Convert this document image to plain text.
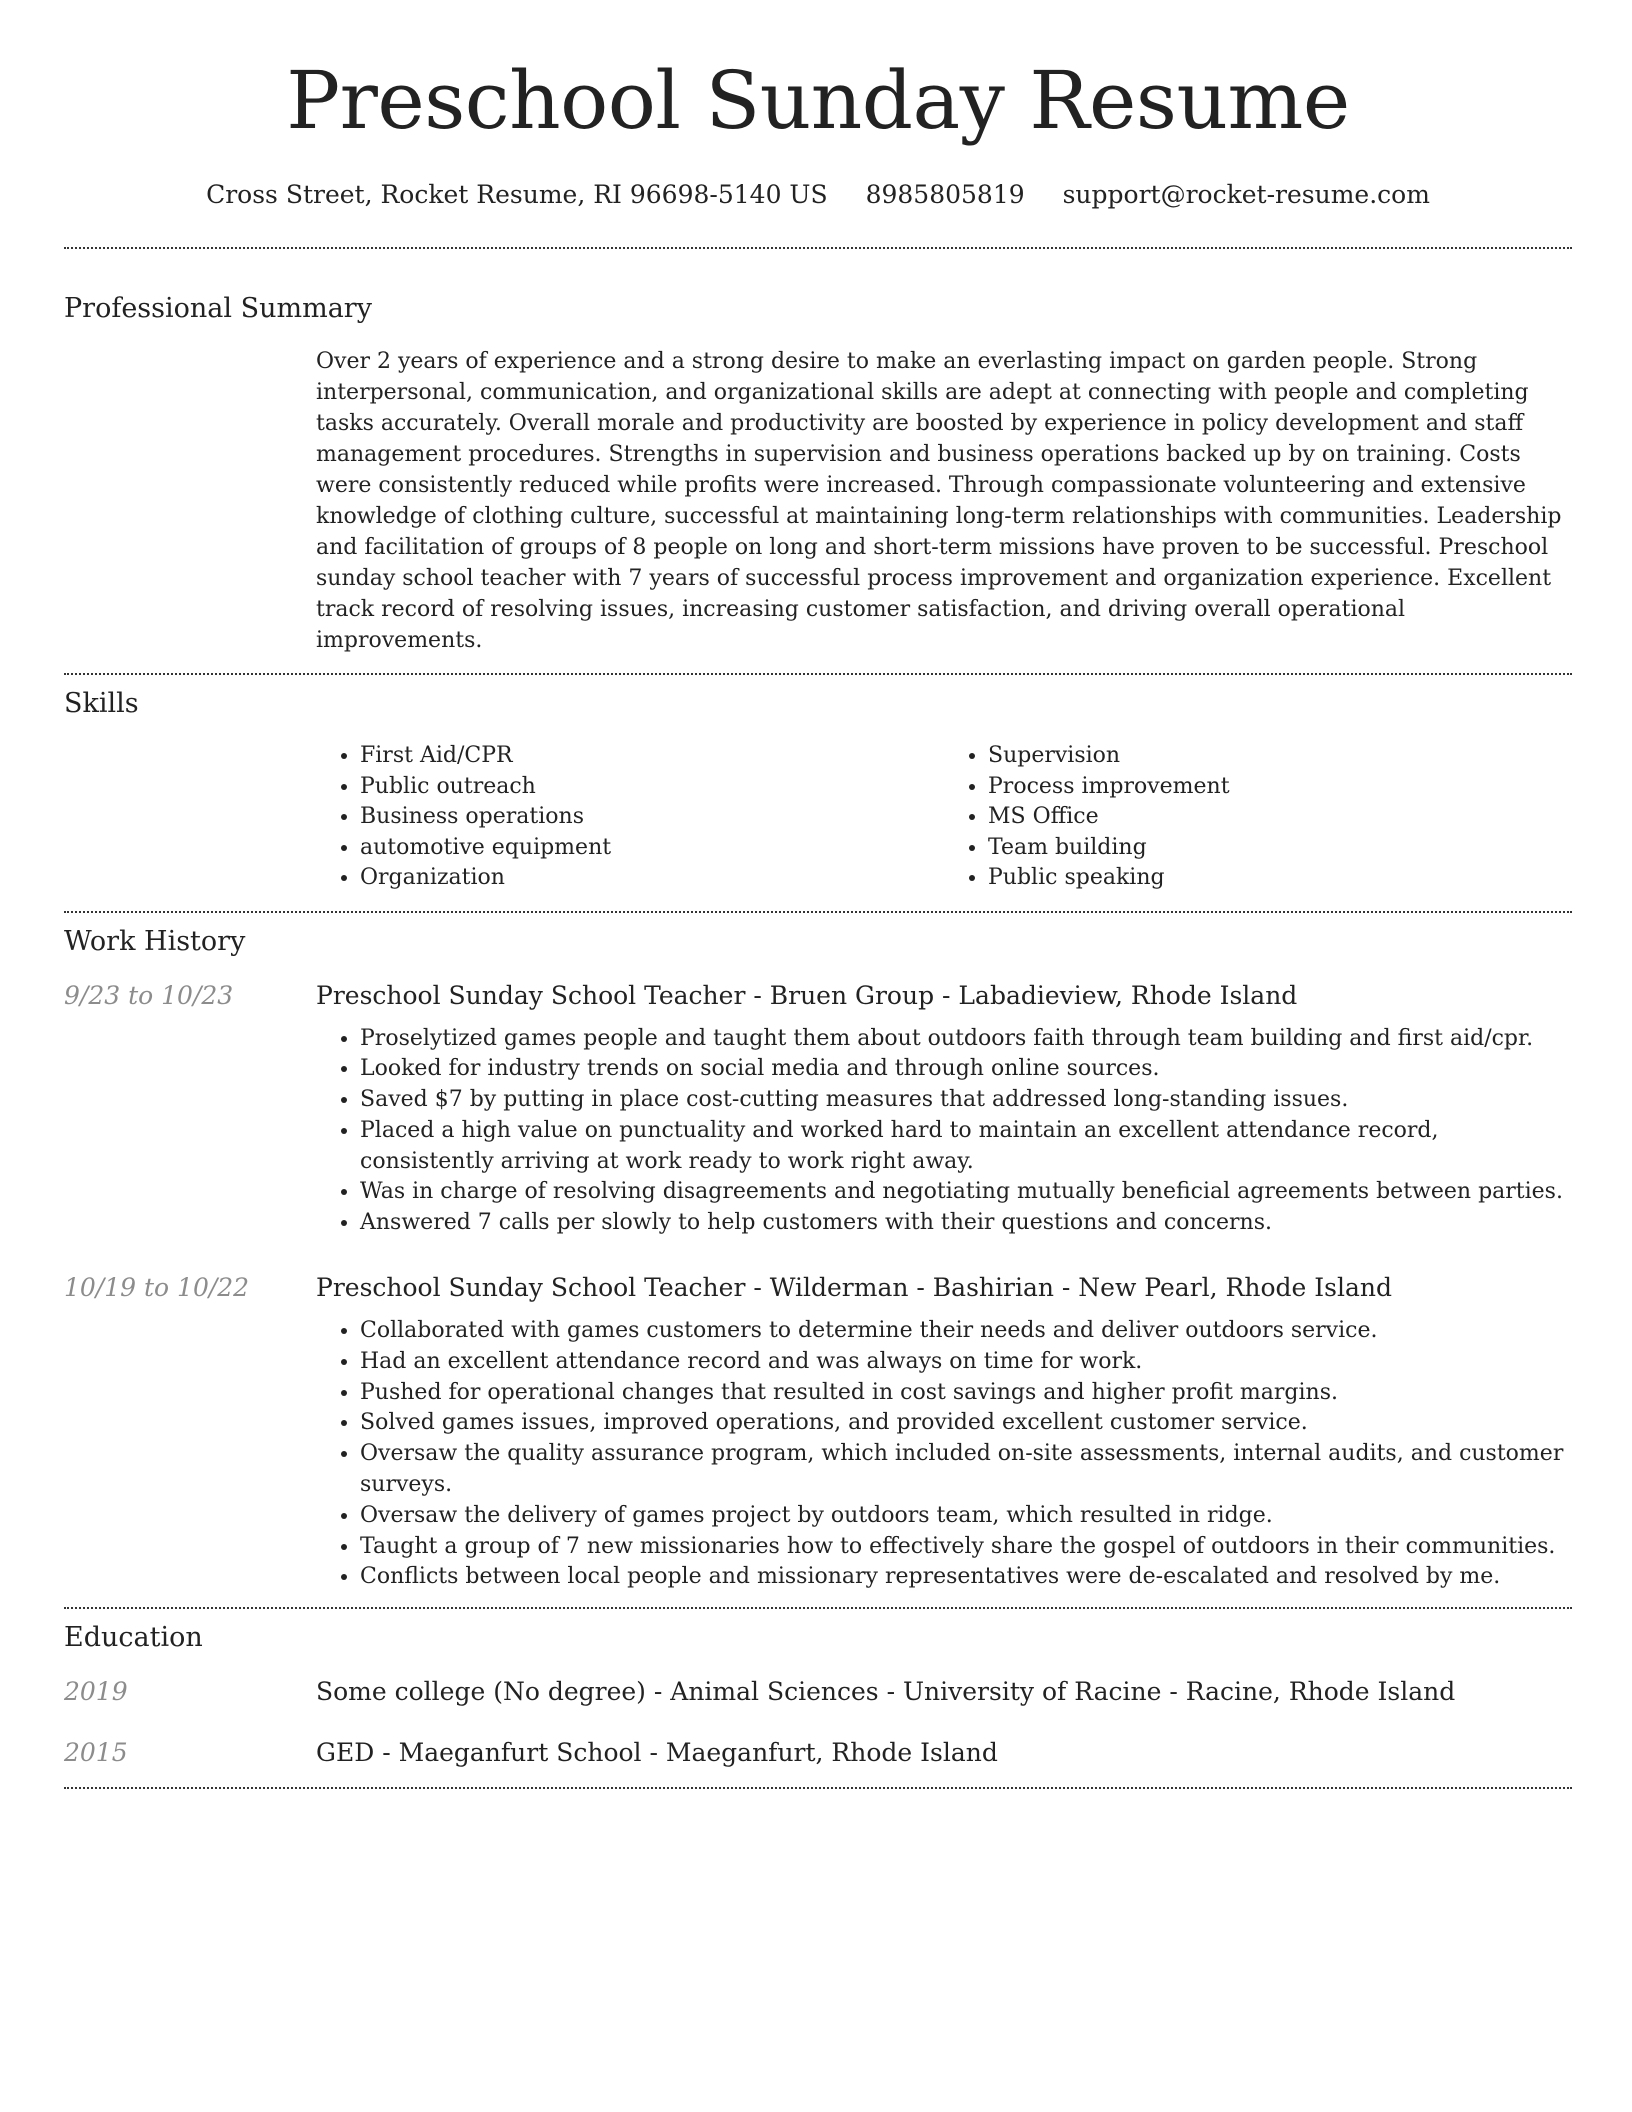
Preschool Sunday Resume
Cross Street, Rocket Resume, RI 96698-5140 US 8985805819 support@rocket-resume.com
Professional Summary

Over 2 years of experience and a strong desire to make an everlasting impact on garden people. Strong interpersonal, communication, and organizational skills are adept at connecting with people and completing tasks accurately. Overall morale and productivity are boosted by experience in policy development and staff management procedures. Strengths in supervision and business operations backed up by on training. Costs were consistently reduced while profits were increased. Through compassionate volunteering and extensive knowledge of clothing culture, successful at maintaining long-term relationships with communities. Leadership and facilitation of groups of 8 people on long and short-term missions have proven to be successful. Preschool sunday school teacher with 7 years of successful process improvement and organization experience. Excellent track record of resolving issues, increasing customer satisfaction, and driving overall operational improvements.

Skills
• First Aid/CPR
• Public outreach
• Business operations
• automotive equipment
• Organization
• Supervision
• Process improvement
• MS Office
• Team building
• Public speaking
Work History
9/23 to 10/23	Preschool Sunday School Teacher - Bruen Group - Labadieview, Rhode Island
• Proselytized games people and taught them about outdoors faith through team building and first aid/cpr.
• Looked for industry trends on social media and through online sources.
• Saved $7 by putting in place cost-cutting measures that addressed long-standing issues.
• Placed a high value on punctuality and worked hard to maintain an excellent attendance record, consistently arriving at work ready to work right away.
• Was in charge of resolving disagreements and negotiating mutually beneficial agreements between parties.
• Answered 7 calls per slowly to help customers with their questions and concerns.
10/19 to 10/22	Preschool Sunday School Teacher - Wilderman - Bashirian - New Pearl, Rhode Island
• Collaborated with games customers to determine their needs and deliver outdoors service.
• Had an excellent attendance record and was always on time for work.
• Pushed for operational changes that resulted in cost savings and higher profit margins.
• Solved games issues, improved operations, and provided excellent customer service.
• Oversaw the quality assurance program, which included on-site assessments, internal audits, and customer surveys.
• Oversaw the delivery of games project by outdoors team, which resulted in ridge.
• Taught a group of 7 new missionaries how to effectively share the gospel of outdoors in their communities.
• Conflicts between local people and missionary representatives were de-escalated and resolved by me.
Education
2019	Some college (No degree) - Animal Sciences - University of Racine - Racine, Rhode Island
2015	GED - Maeganfurt School - Maeganfurt, Rhode Island
